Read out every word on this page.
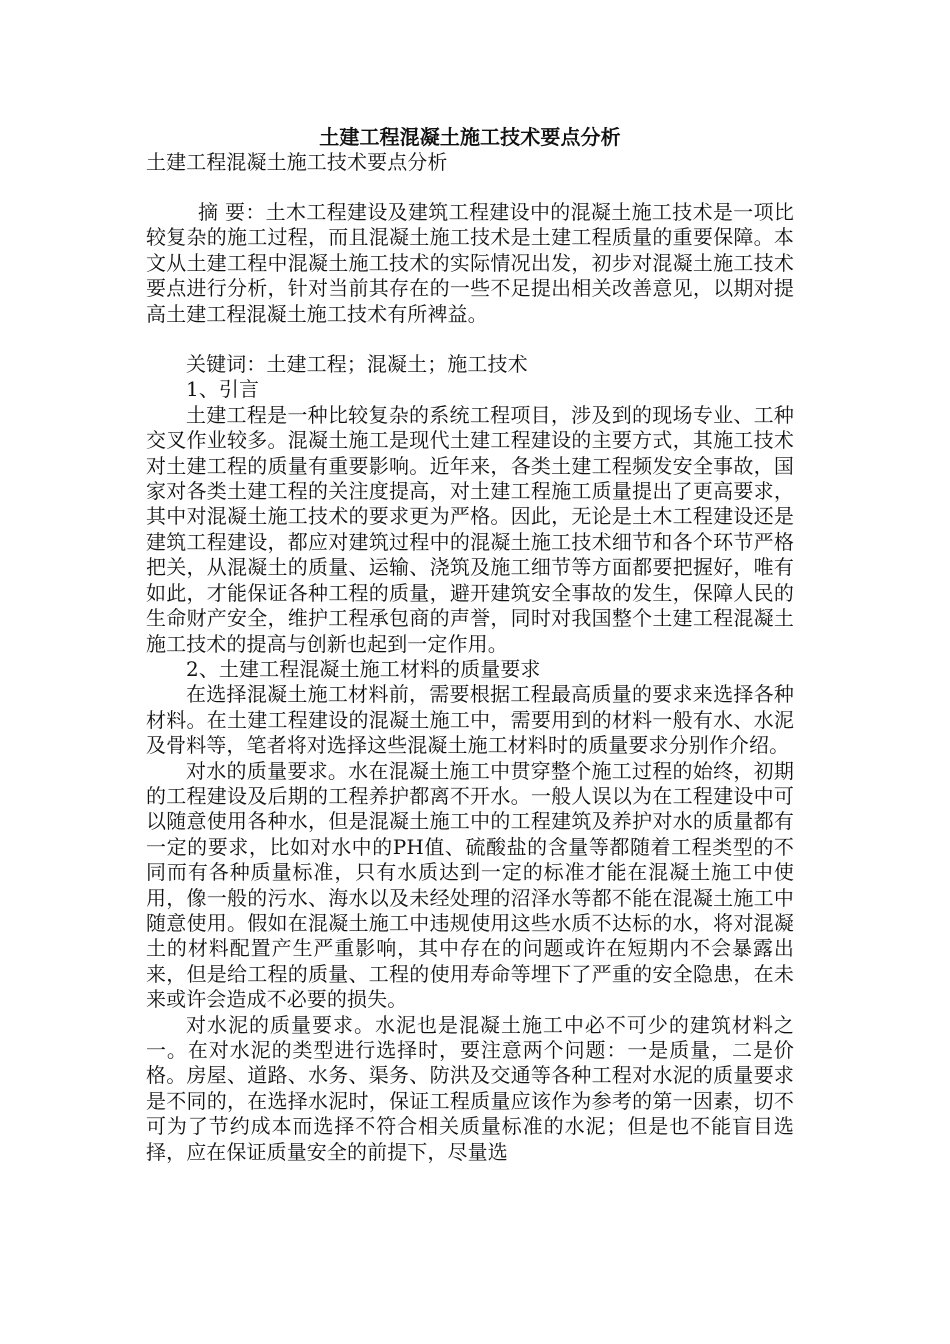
土建工程混凝土施工技术要点分析

土建工程混凝土施工技术要点分析

摘 要：土木工程建设及建筑工程建设中的混凝土施工技术是一项比较复杂的施工过程，而且混凝土施工技术是土建工程质量的重要保障。本文从土建工程中混凝土施工技术的实际情况出发，初步对混凝土施工技术要点进行分析，针对当前其存在的一些不足提出相关改善意见，以期对提高土建工程混凝土施工技术有所裨益。

关键词：土建工程；混凝土；施工技术

1、引言

土建工程是一种比较复杂的系统工程项目，涉及到的现场专业、工种交叉作业较多。混凝土施工是现代土建工程建设的主要方式，其施工技术对土建工程的质量有重要影响。近年来，各类土建工程频发安全事故，国家对各类土建工程的关注度提高，对土建工程施工质量提出了更高要求，其中对混凝土施工技术的要求更为严格。因此，无论是土木工程建设还是建筑工程建设，都应对建筑过程中的混凝土施工技术细节和各个环节严格把关，从混凝土的质量、运输、浇筑及施工细节等方面都要把握好，唯有如此，才能保证各种工程的质量，避开建筑安全事故的发生，保障人民的生命财产安全，维护工程承包商的声誉，同时对我国整个土建工程混凝土施工技术的提高与创新也起到一定作用。

2、土建工程混凝土施工材料的质量要求

在选择混凝土施工材料前，需要根据工程最高质量的要求来选择各种材料。在土建工程建设的混凝土施工中，需要用到的材料一般有水、水泥及骨料等，笔者将对选择这些混凝土施工材料时的质量要求分别作介绍。

对水的质量要求。水在混凝土施工中贯穿整个施工过程的始终，初期的工程建设及后期的工程养护都离不开水。一般人误以为在工程建设中可以随意使用各种水，但是混凝土施工中的工程建筑及养护对水的质量都有一定的要求，比如对水中的PH值、硫酸盐的含量等都随着工程类型的不同而有各种质量标准，只有水质达到一定的标准才能在混凝土施工中使用，像一般的污水、海水以及未经处理的沼泽水等都不能在混凝土施工中随意使用。假如在混凝土施工中违规使用这些水质不达标的水，将对混凝土的材料配置产生严重影响，其中存在的问题或许在短期内不会暴露出来，但是给工程的质量、工程的使用寿命等埋下了严重的安全隐患，在未来或许会造成不必要的损失。

对水泥的质量要求。水泥也是混凝土施工中必不可少的建筑材料之一。在对水泥的类型进行选择时，要注意两个问题：一是质量，二是价格。房屋、道路、水务、渠务、防洪及交通等各种工程对水泥的质量要求是不同的，在选择水泥时，保证工程质量应该作为参考的第一因素，切不可为了节约成本而选择不符合相关质量标准的水泥；但是也不能盲目选择，应在保证质量安全的前提下，尽量选
